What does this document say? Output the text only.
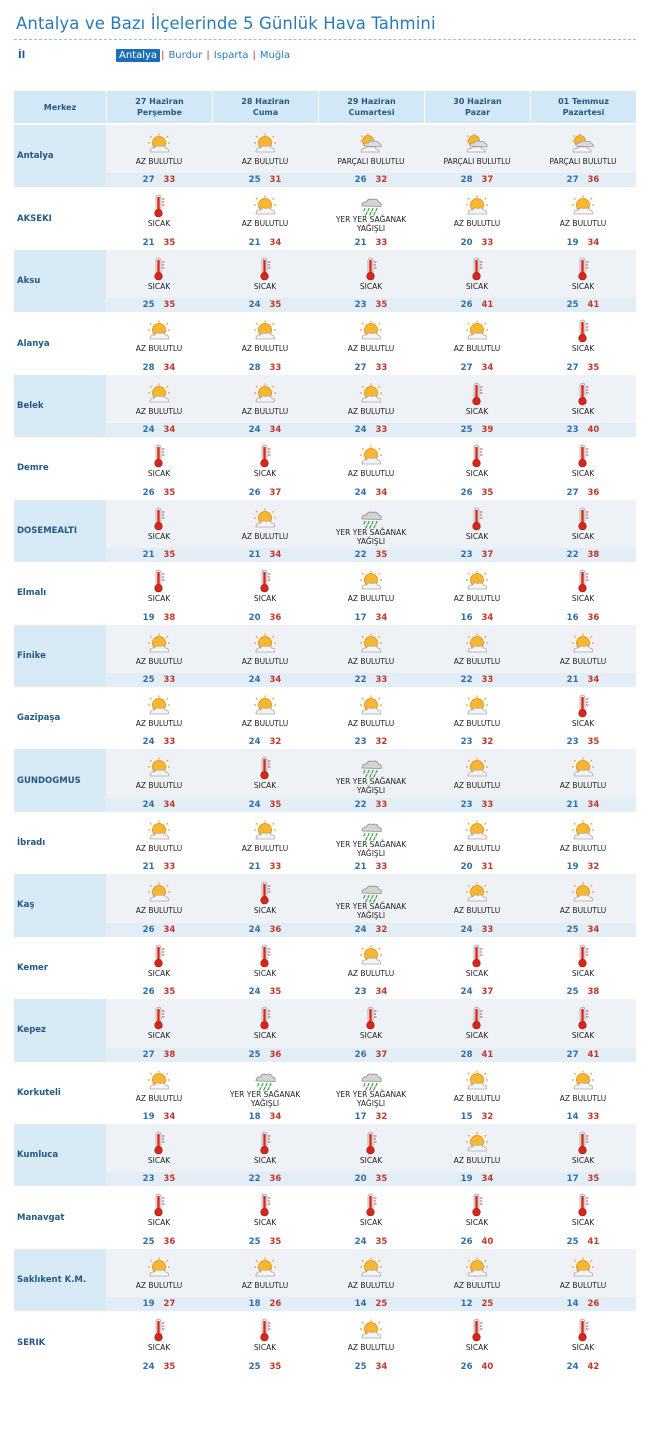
Antalya ve Bazı İlçelerinde 5 Günlük Hava Tahmini
İl	Antalya | Burdur | Isparta | Muğla
Merkez
27 Haziran
Perşembe
28 Haziran
Cuma
29 Haziran
Cumartesi
30 Haziran
Pazar
01 Temmuz
Pazartesi
Antalya
AZ BULUTLU
27 33
AZ BULUTLU
25 31
PARÇALI BULUTLU
26 32
PARÇALI BULUTLU
28 37
PARÇALI BULUTLU
27 36
AKSEKI
SICAK
21 35
AZ BULUTLU
21 34
YER YER SAĞANAK
YAĞIŞLI
21 33
AZ BULUTLU
20 33
AZ BULUTLU
19 34
Aksu
SICAK
25 35
SICAK
24 35
SICAK
23 35
SICAK
26 41
SICAK
25 41
Alanya
AZ BULUTLU
28 34
AZ BULUTLU
28 33
AZ BULUTLU
27 33
AZ BULUTLU
27 34
SICAK
27 35
Belek
AZ BULUTLU
24 34
AZ BULUTLU
24 34
AZ BULUTLU
24 33
SICAK
25 39
SICAK
23 40
Demre
SICAK
26 35
SICAK
26 37
AZ BULUTLU
24 34
SICAK
26 35
SICAK
27 36
DOSEMEALTI
SICAK
21 35
AZ BULUTLU
21 34
YER YER SAĞANAK
YAĞIŞLI
22 35
SICAK
23 37
SICAK
22 38
Elmalı
SICAK
19 38
SICAK
20 36
AZ BULUTLU
17 34
AZ BULUTLU
16 34
SICAK
16 36
Finike
AZ BULUTLU
25 33
AZ BULUTLU
24 34
AZ BULUTLU
22 33
AZ BULUTLU
22 33
AZ BULUTLU
21 34
Gazipaşa
AZ BULUTLU
24 33
AZ BULUTLU
24 32
AZ BULUTLU
23 32
AZ BULUTLU
23 32
SICAK
23 35
GUNDOGMUS
AZ BULUTLU
24 34
SICAK
24 35
YER YER SAĞANAK
YAĞIŞLI
22 33
AZ BULUTLU
23 33
AZ BULUTLU
21 34
İbradı
AZ BULUTLU
21 33
AZ BULUTLU
21 33
YER YER SAĞANAK
YAĞIŞLI
21 33
AZ BULUTLU
20 31
AZ BULUTLU
19 32
Kaş
AZ BULUTLU
26 34
SICAK
24 36
YER YER SAĞANAK
YAĞIŞLI
24 32
AZ BULUTLU
24 33
AZ BULUTLU
25 34
Kemer
SICAK
26 35
SICAK
24 35
AZ BULUTLU
23 34
SICAK
24 37
SICAK
25 38
Kepez
SICAK
27 38
SICAK
25 36
SICAK
26 37
SICAK
28 41
SICAK
27 41
Korkuteli
AZ BULUTLU
19 34
YER YER SAĞANAK
YAĞIŞLI
18 34
YER YER SAĞANAK
YAĞIŞLI
17 32
AZ BULUTLU
15 32
AZ BULUTLU
14 33
Kumluca
SICAK
23 35
SICAK
22 36
SICAK
20 35
AZ BULUTLU
19 34
SICAK
17 35
Manavgat
SICAK
25 36
SICAK
25 35
SICAK
24 35
SICAK
26 40
SICAK
25 41
Saklıkent K.M.
AZ BULUTLU
19 27
AZ BULUTLU
18 26
AZ BULUTLU
14 25
AZ BULUTLU
12 25
AZ BULUTLU
14 26
SERIK
SICAK
24 35
SICAK
25 35
AZ BULUTLU
25 34
SICAK
26 40
SICAK
24 42
